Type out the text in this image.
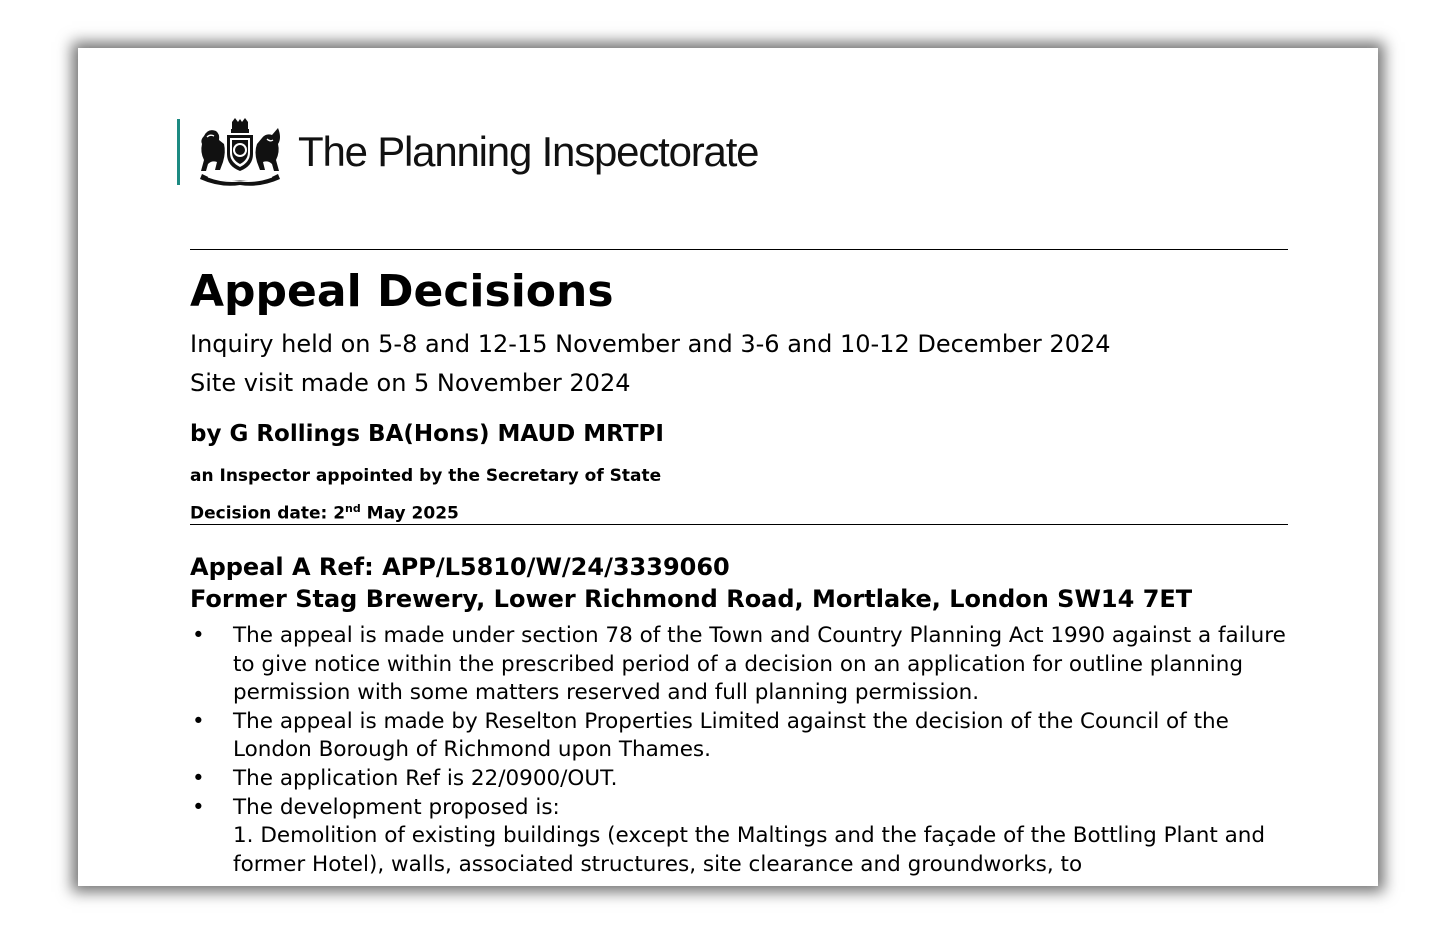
The Planning Inspectorate
Appeal Decisions
Inquiry held on 5-8 and 12-15 November and 3-6 and 10-12 December 2024
Site visit made on 5 November 2024
by G Rollings BA(Hons) MAUD MRTPI
an Inspector appointed by the Secretary of State
Decision date: 2nd May 2025
Appeal A Ref: APP/L5810/W/24/3339060
Former Stag Brewery, Lower Richmond Road, Mortlake, London SW14 7ET
• The appeal is made under section 78 of the Town and Country Planning Act 1990 against a failure to give notice within the prescribed period of a decision on an application for outline planning permission with some matters reserved and full planning permission.
• The appeal is made by Reselton Properties Limited against the decision of the Council of the London Borough of Richmond upon Thames.
• The application Ref is 22/0900/OUT.
• The development proposed is:
1. Demolition of existing buildings (except the Maltings and the façade of the Bottling Plant and former Hotel), walls, associated structures, site clearance and groundworks, to
